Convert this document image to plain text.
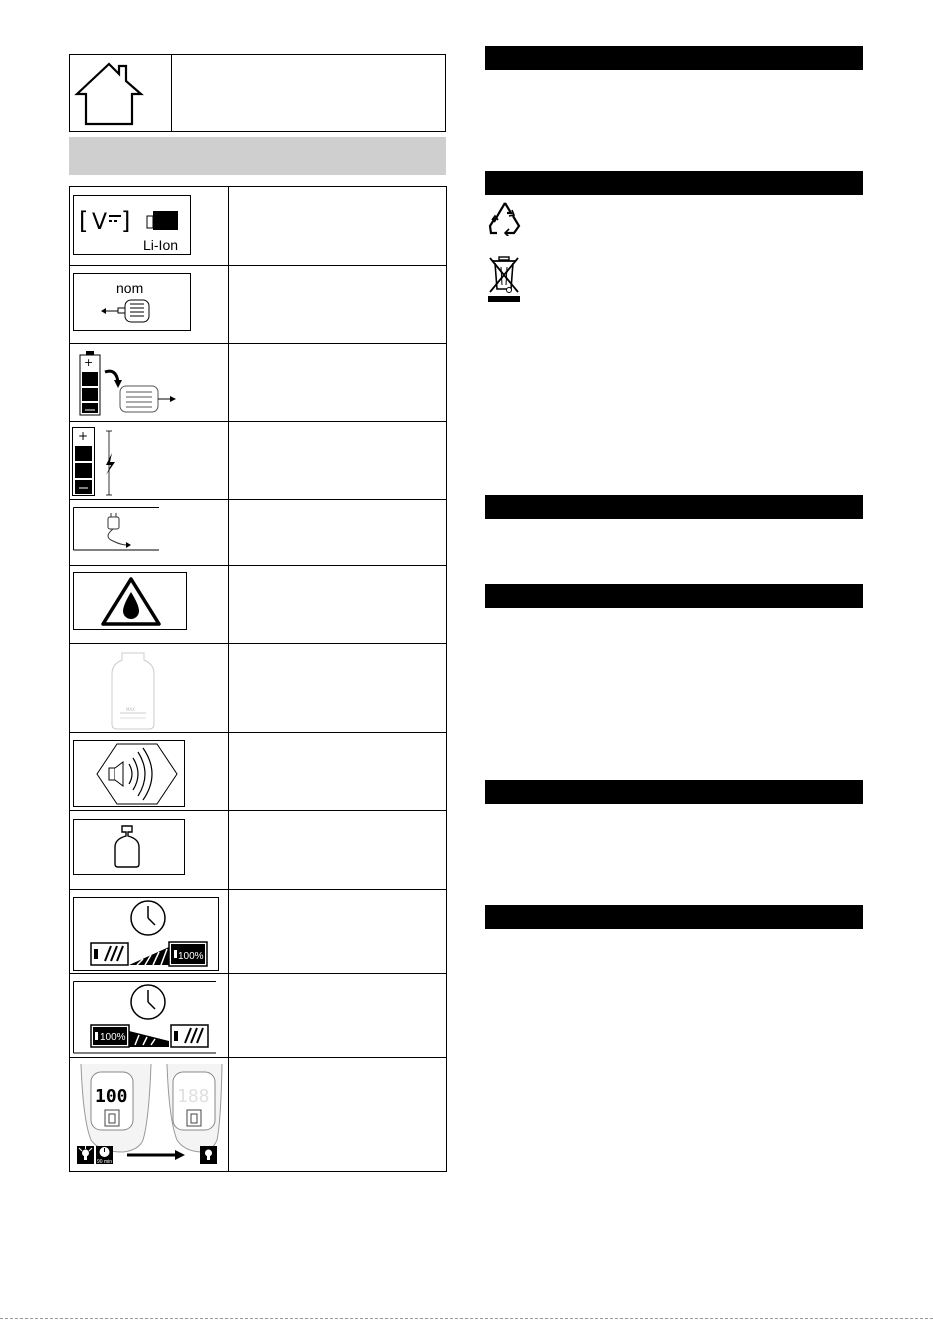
[ V ]
Li-Ion
nom
+
+
MAX
100%
100%
100	188
90 min
